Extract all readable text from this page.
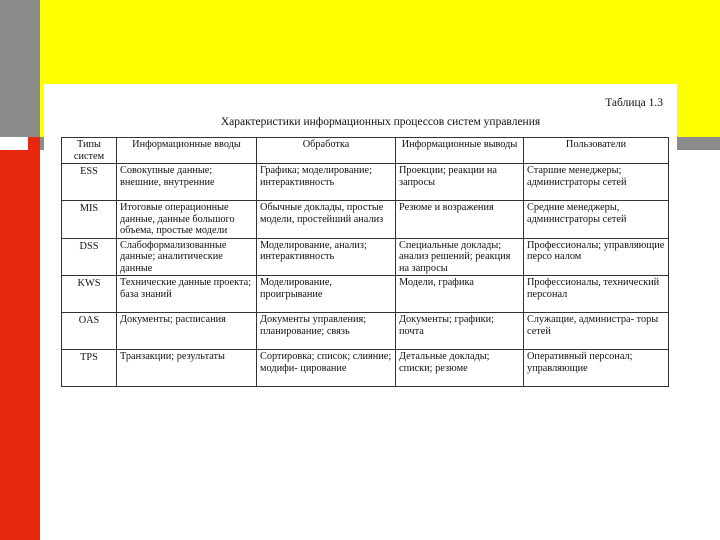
Таблица 1.3
Характеристики информационных процессов систем управления
Типы систем	Информационные вводы	Обработка	Информационные выводы	Пользователи
ESS	Совокупные данные; внешние, внутренние	Графика; моделирование; интерактивность	Проекции; реакции на запросы	Старшие менеджеры; администраторы сетей
MIS	Итоговые операционные данные, данные большого объема, простые модели	Обычные доклады, простые модели, простейший анализ	Резюме и возражения	Средние менеджеры, администраторы сетей
DSS	Слабоформализованные данные; аналитические данные	Моделирование, анализ; интерактивность	Специальные доклады; анализ решений; реакция на запросы	Профессионалы; управляющие персо налом
KWS	Технические данные проекта; база знаний	Моделирование, проигрывание	Модели, графика	Профессионалы, технический персонал
OAS	Документы; расписания	Документы управления; планирование; связь	Документы; графики; почта	Служащие, администра- торы сетей
TPS	Транзакции; результаты	Сортировка; список; слияние; модифи- цирование	Детальные доклады; списки; резюме	Оперативный персонал; управляющие
